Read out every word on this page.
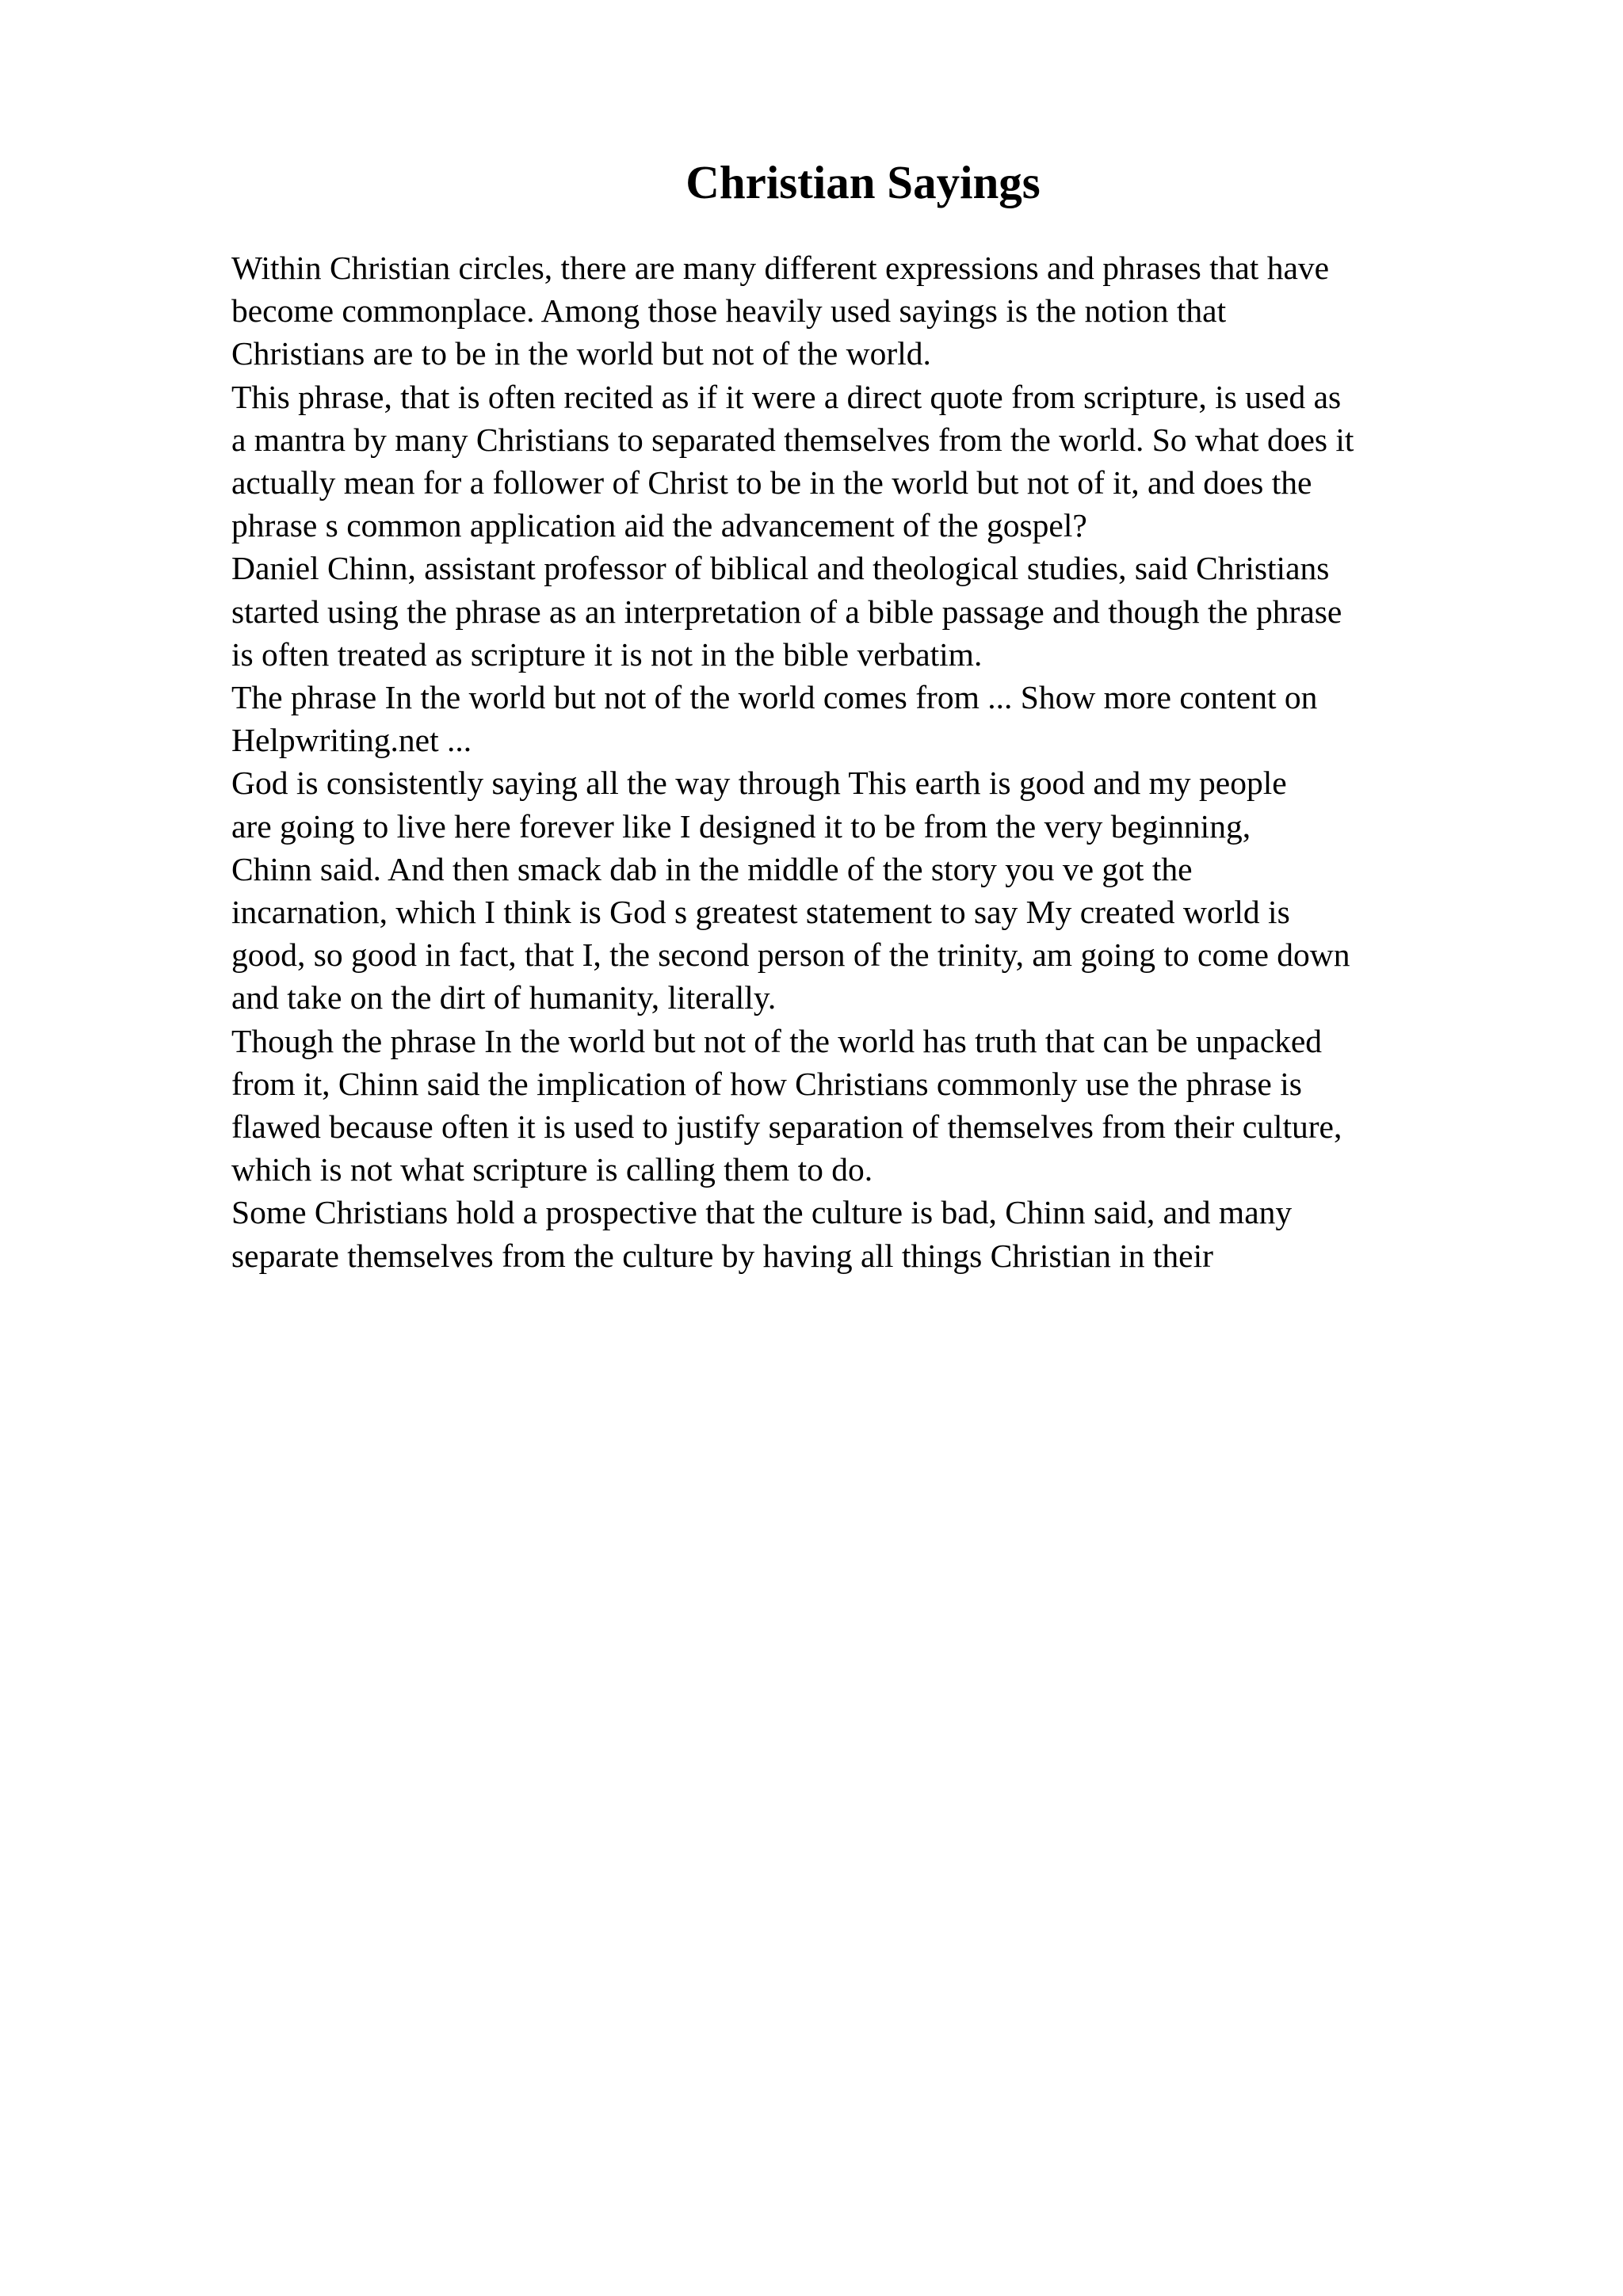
Christian Sayings
Within Christian circles, there are many different expressions and phrases that have
become commonplace. Among those heavily used sayings is the notion that
Christians are to be in the world but not of the world.
This phrase, that is often recited as if it were a direct quote from scripture, is used as
a mantra by many Christians to separated themselves from the world. So what does it
actually mean for a follower of Christ to be in the world but not of it, and does the
phrase s common application aid the advancement of the gospel?
Daniel Chinn, assistant professor of biblical and theological studies, said Christians
started using the phrase as an interpretation of a bible passage and though the phrase
is often treated as scripture it is not in the bible verbatim.
The phrase In the world but not of the world comes from ... Show more content on
Helpwriting.net ...
God is consistently saying all the way through This earth is good and my people
are going to live here forever like I designed it to be from the very beginning,
Chinn said. And then smack dab in the middle of the story you ve got the
incarnation, which I think is God s greatest statement to say My created world is
good, so good in fact, that I, the second person of the trinity, am going to come down
and take on the dirt of humanity, literally.
Though the phrase In the world but not of the world has truth that can be unpacked
from it, Chinn said the implication of how Christians commonly use the phrase is
flawed because often it is used to justify separation of themselves from their culture,
which is not what scripture is calling them to do.
Some Christians hold a prospective that the culture is bad, Chinn said, and many
separate themselves from the culture by having all things Christian in their
